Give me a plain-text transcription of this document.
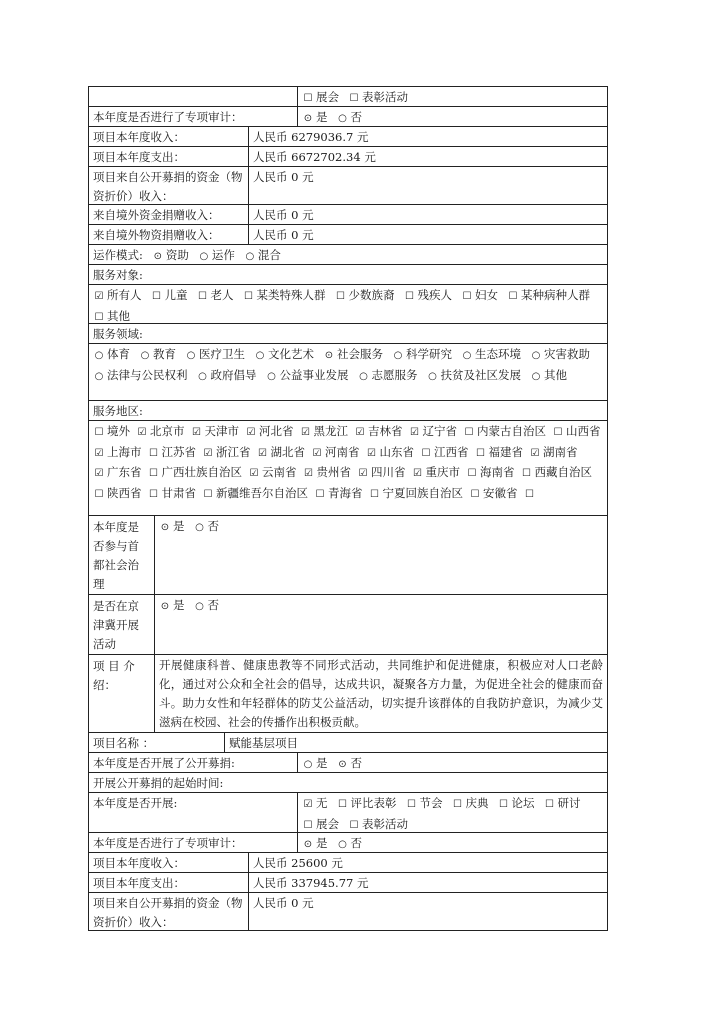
☐ 展会 ☐ 表彰活动
本年度是否进行了专项审计：	⊙ 是 ○ 否
项目本年度收入：	人民币 6279036.7 元
项目本年度支出：	人民币 6672702.34 元
项目来自公开募捐的资金（物资折价）收入：
人民币 0 元
来自境外资金捐赠收入：	人民币 0 元
来自境外物资捐赠收入：	人民币 0 元
运作模式: ⊙ 资助 ○ 运作 ○ 混合
服务对象:
☑ 所有人 ☐ 儿童 ☐ 老人 ☐ 某类特殊人群 ☐ 少数族裔 ☐ 残疾人 ☐ 妇女 ☐ 某种病种人群
☐ 其他
服务领域:
○ 体育 ○ 教育 ○ 医疗卫生 ○ 文化艺术 ⊙ 社会服务 ○ 科学研究 ○ 生态环境 ○ 灾害救助
○ 法律与公民权利 ○ 政府倡导 ○ 公益事业发展 ○ 志愿服务 ○ 扶贫及社区发展 ○ 其他
服务地区:
☐ 境外 ☑ 北京市 ☑ 天津市 ☑ 河北省 ☑ 黑龙江 ☑ 吉林省 ☑ 辽宁省 ☐ 内蒙古自治区 ☐ 山西省
☑ 上海市 ☐ 江苏省 ☑ 浙江省 ☑ 湖北省 ☑ 河南省 ☑ 山东省 ☐ 江西省 ☐ 福建省 ☑ 湖南省
☑ 广东省 ☐ 广西壮族自治区 ☑ 云南省 ☑ 贵州省 ☑ 四川省 ☑ 重庆市 ☐ 海南省 ☐ 西藏自治区
☐ 陕西省 ☐ 甘肃省 ☐ 新疆维吾尔自治区 ☐ 青海省 ☐ 宁夏回族自治区 ☐ 安徽省 ☐
本年度是否参与首都社会治理
⊙ 是 ○ 否
是否在京津冀开展活动
⊙ 是 ○ 否
项 目 介绍：
开展健康科普、健康患教等不同形式活动，共同维护和促进健康，积极应对人口老龄化，通过对公众和全社会的倡导，达成共识，凝聚各方力量，为促进全社会的健康而奋斗。助力女性和年轻群体的防艾公益活动，切实提升该群体的自我防护意识，为减少艾滋病在校园、社会的传播作出积极贡献。
项目名称 ：	赋能基层项目
本年度是否开展了公开募捐:	○ 是 ⊙ 否
开展公开募捐的起始时间:
本年度是否开展:	☑ 无 ☐ 评比表彰 ☐ 节会 ☐ 庆典 ☐ 论坛 ☐ 研讨
☐ 展会 ☐ 表彰活动
本年度是否进行了专项审计：	⊙ 是 ○ 否
项目本年度收入：	人民币 25600 元
项目本年度支出：	人民币 337945.77 元
项目来自公开募捐的资金（物资折价）收入：
人民币 0 元
